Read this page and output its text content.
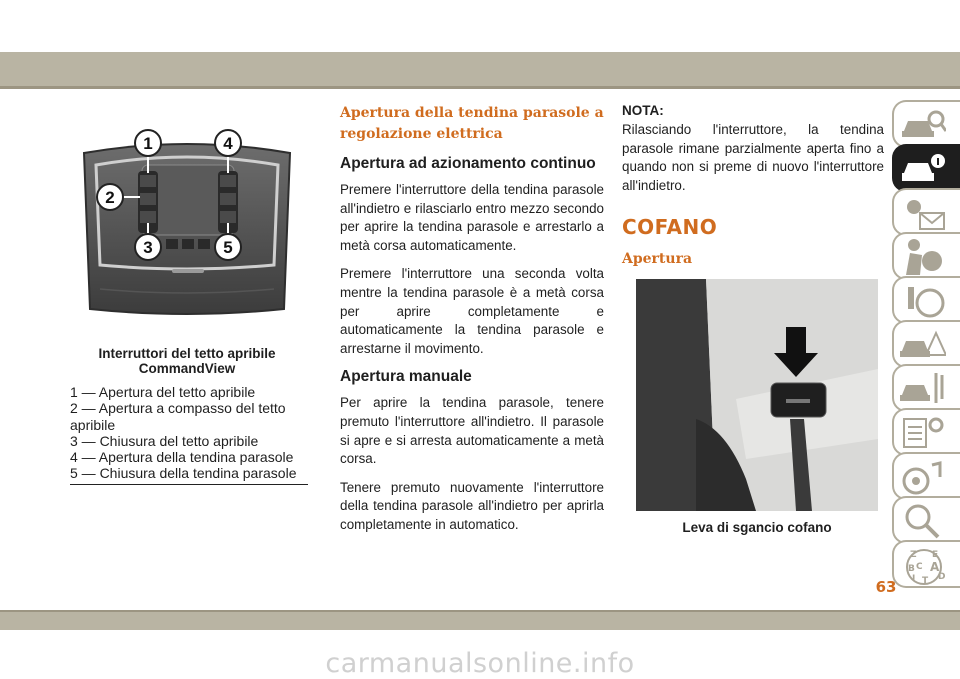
1
2
3
4
5
Interruttori del tetto apribile CommandView
1 — Apertura del tetto apribile
2 — Apertura a compasso del tetto apribile
3 — Chiusura del tetto apribile
4 — Apertura della tendina parasole
5 — Chiusura della tendina parasole
Apertura della tendina parasole a regolazione elettrica
Apertura ad azionamento continuo

Premere l'interruttore della tendina parasole all'indietro e rilasciarlo entro mezzo secondo per aprire la tendina parasole e arrestarlo a metà corsa automaticamente.

Premere l'interruttore una seconda volta mentre la tendina parasole è a metà corsa per aprire completamente e automaticamente la tendina parasole e arrestarne il movimento.

Apertura manuale

Per aprire la tendina parasole, tenere premuto l'interruttore all'indietro. Il parasole si apre e si arresta automaticamente a metà corsa.

Tenere premuto nuovamente l'interruttore della tendina parasole all'indietro per aprirla completamente in automatico.

NOTA:

Rilasciando l'interruttore, la tendina parasole rimane parzialmente aperta fino a quando non si preme di nuovo l'interruttore all'indietro.

COFANO
Apertura
Leva di sgancio cofano
Z E
B A
C
D
I T
63
carmanualsonline.info
